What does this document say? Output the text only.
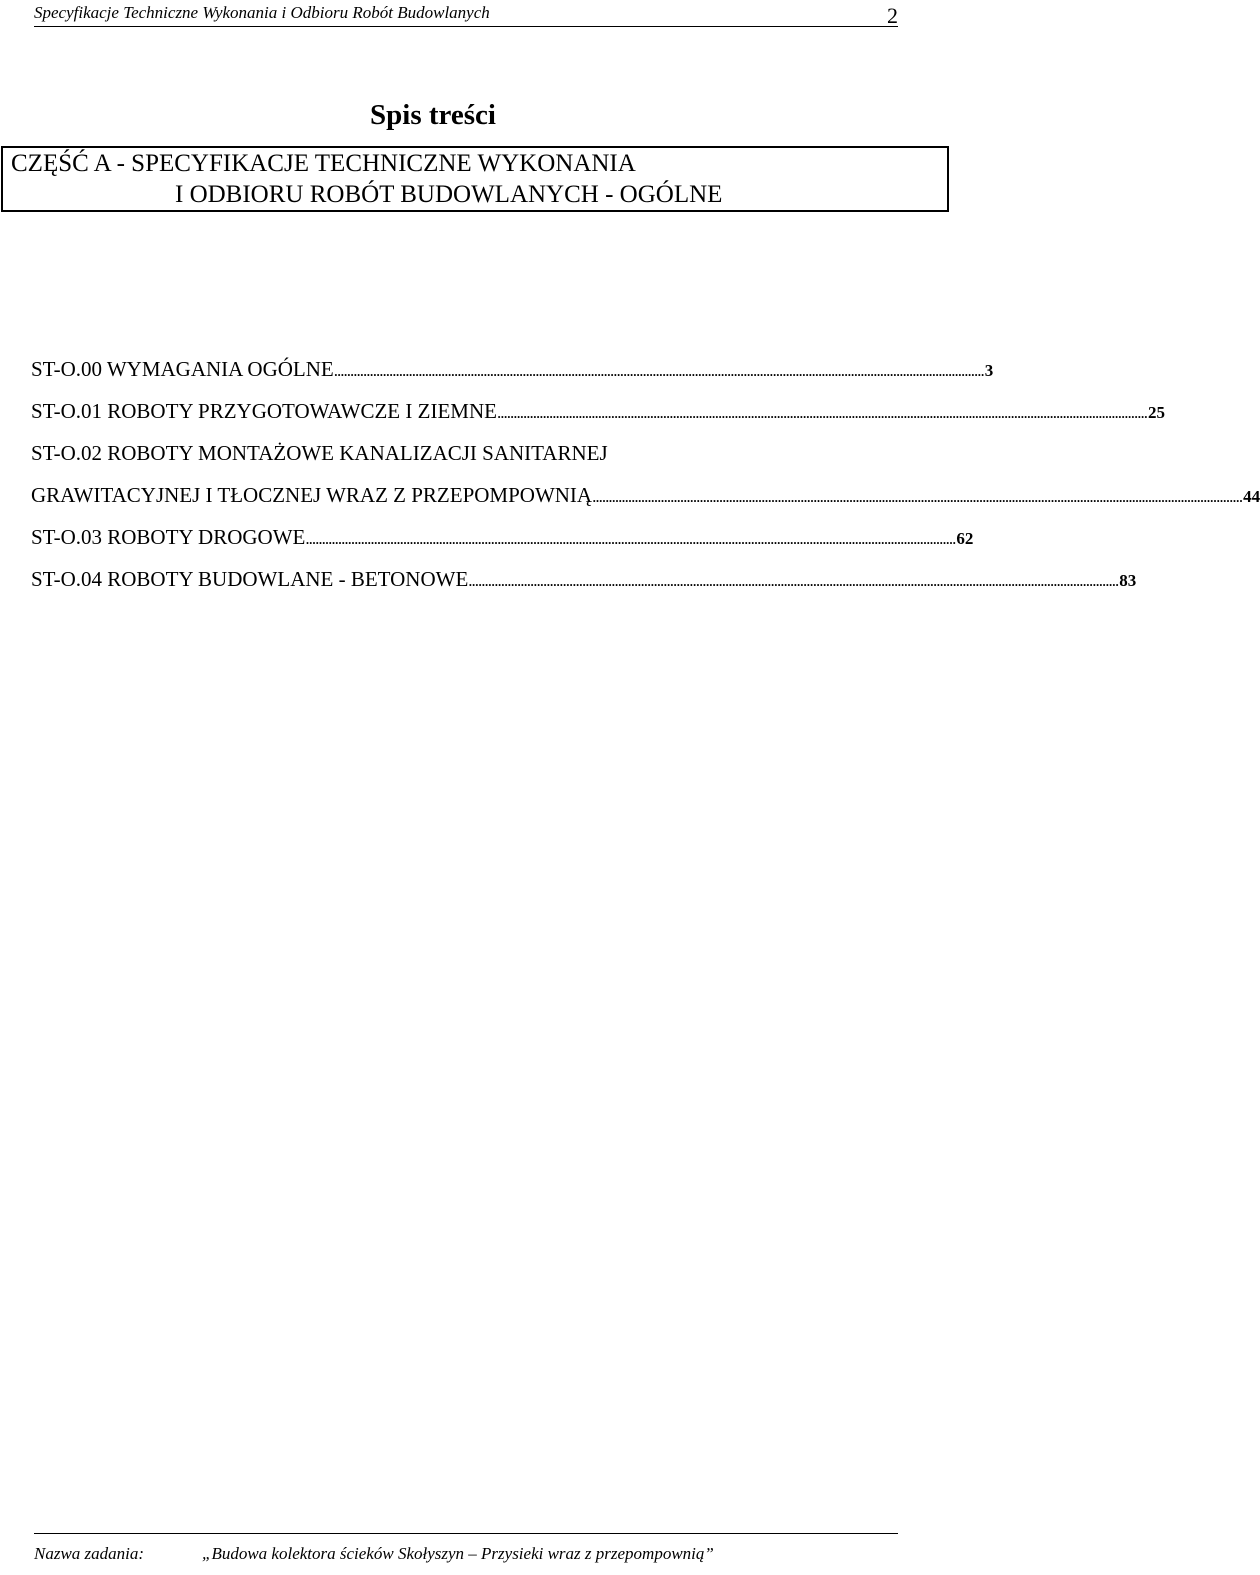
Specyfikacje Techniczne Wykonania i Odbioru Robót Budowlanych	2
Spis treści
CZĘŚĆ A - SPECYFIKACJE TECHNICZNE WYKONANIA
I ODBIORU ROBÓT BUDOWLANYCH - OGÓLNE
ST-O.00 WYMAGANIA OGÓLNE ........................................................................................................................................................................................................ 3
ST-O.01 ROBOTY PRZYGOTOWAWCZE I ZIEMNE ........................................................................................................................................................................................................ 25
ST-O.02 ROBOTY MONTAŻOWE KANALIZACJI SANITARNEJ
GRAWITACYJNEJ I TŁOCZNEJ WRAZ Z PRZEPOMPOWNIĄ ........................................................................................................................................................................................................ 44
ST-O.03 ROBOTY DROGOWE ........................................................................................................................................................................................................ 62
ST-O.04 ROBOTY BUDOWLANE - BETONOWE ........................................................................................................................................................................................................ 83
Nazwa zadania:	„Budowa kolektora ścieków Skołyszyn – Przysieki wraz z przepompownią”
